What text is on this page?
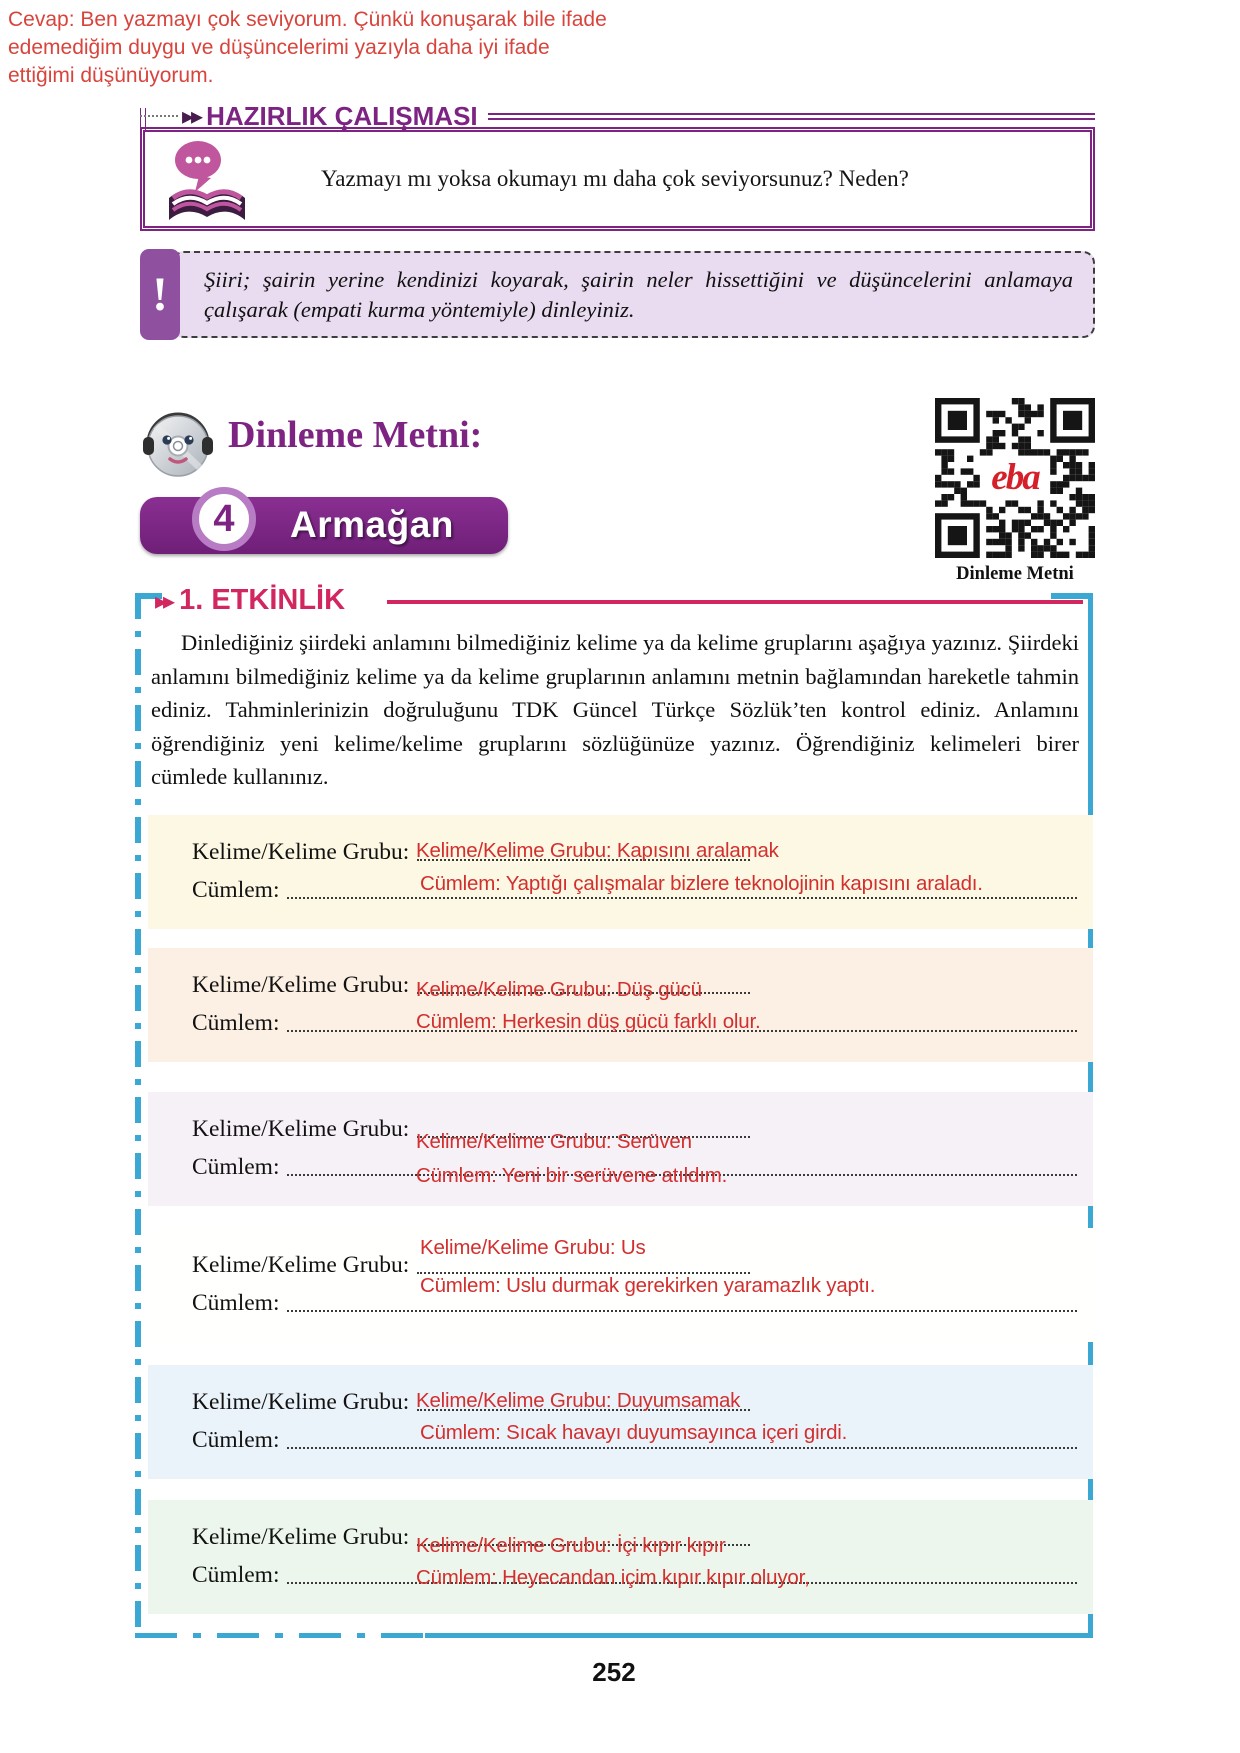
Cevap: Ben yazmayı çok seviyorum. Çünkü konuşarak bile ifade edemediğim duygu ve düşüncelerimi yazıyla daha iyi ifade ettiğimi düşünüyorum.
▸▸
HAZIRLIK ÇALIŞMASI
Yazmayı mı yoksa okumayı mı daha çok seviyorsunuz? Neden?
Şiiri; şairin yerine kendinizi koyarak, şairin neler hissettiğini ve düşüncelerini anlamaya çalışarak (empati kurma yöntemiyle) dinleyiniz.
!
Dinleme Metni:
4	Armağan
eba
Dinleme Metni
▸▸
1. ETKİNLİK
Dinlediğiniz şiirdeki anlamını bilmediğiniz kelime ya da kelime gruplarını aşağıya yazınız. Şiirdeki anlamını bilmediğiniz kelime ya da kelime gruplarının anlamını metnin bağlamından hareketle tahmin ediniz. Tahminlerinizin doğruluğunu TDK Güncel Türkçe Sözlük’ten kontrol ediniz. Anlamını öğrendiğiniz yeni kelime/kelime gruplarını sözlüğünüze yazınız. Öğrendiğiniz kelimeleri birer cümlede kullanınız.
Kelime/Kelime Grubu:
Cümlem:
Kelime/Kelime Grubu: Kapısını aralamak
Cümlem: Yaptığı çalışmalar bizlere teknolojinin kapısını araladı.
Kelime/Kelime Grubu:
Cümlem:
Kelime/Kelime Grubu: Düş gücü
Cümlem: Herkesin düş gücü farklı olur.
Kelime/Kelime Grubu:
Cümlem:
Kelime/Kelime Grubu: Serüven
Cümlem: Yeni bir serüvene atıldım.
Kelime/Kelime Grubu:
Cümlem:
Kelime/Kelime Grubu: Us
Cümlem: Uslu durmak gerekirken yaramazlık yaptı.
Kelime/Kelime Grubu:
Cümlem:
Kelime/Kelime Grubu: Duyumsamak
Cümlem: Sıcak havayı duyumsayınca içeri girdi.
Kelime/Kelime Grubu:
Cümlem:
Kelime/Kelime Grubu: İçi kıpır kıpır
Cümlem: Heyecandan içim kıpır kıpır oluyor,
252
